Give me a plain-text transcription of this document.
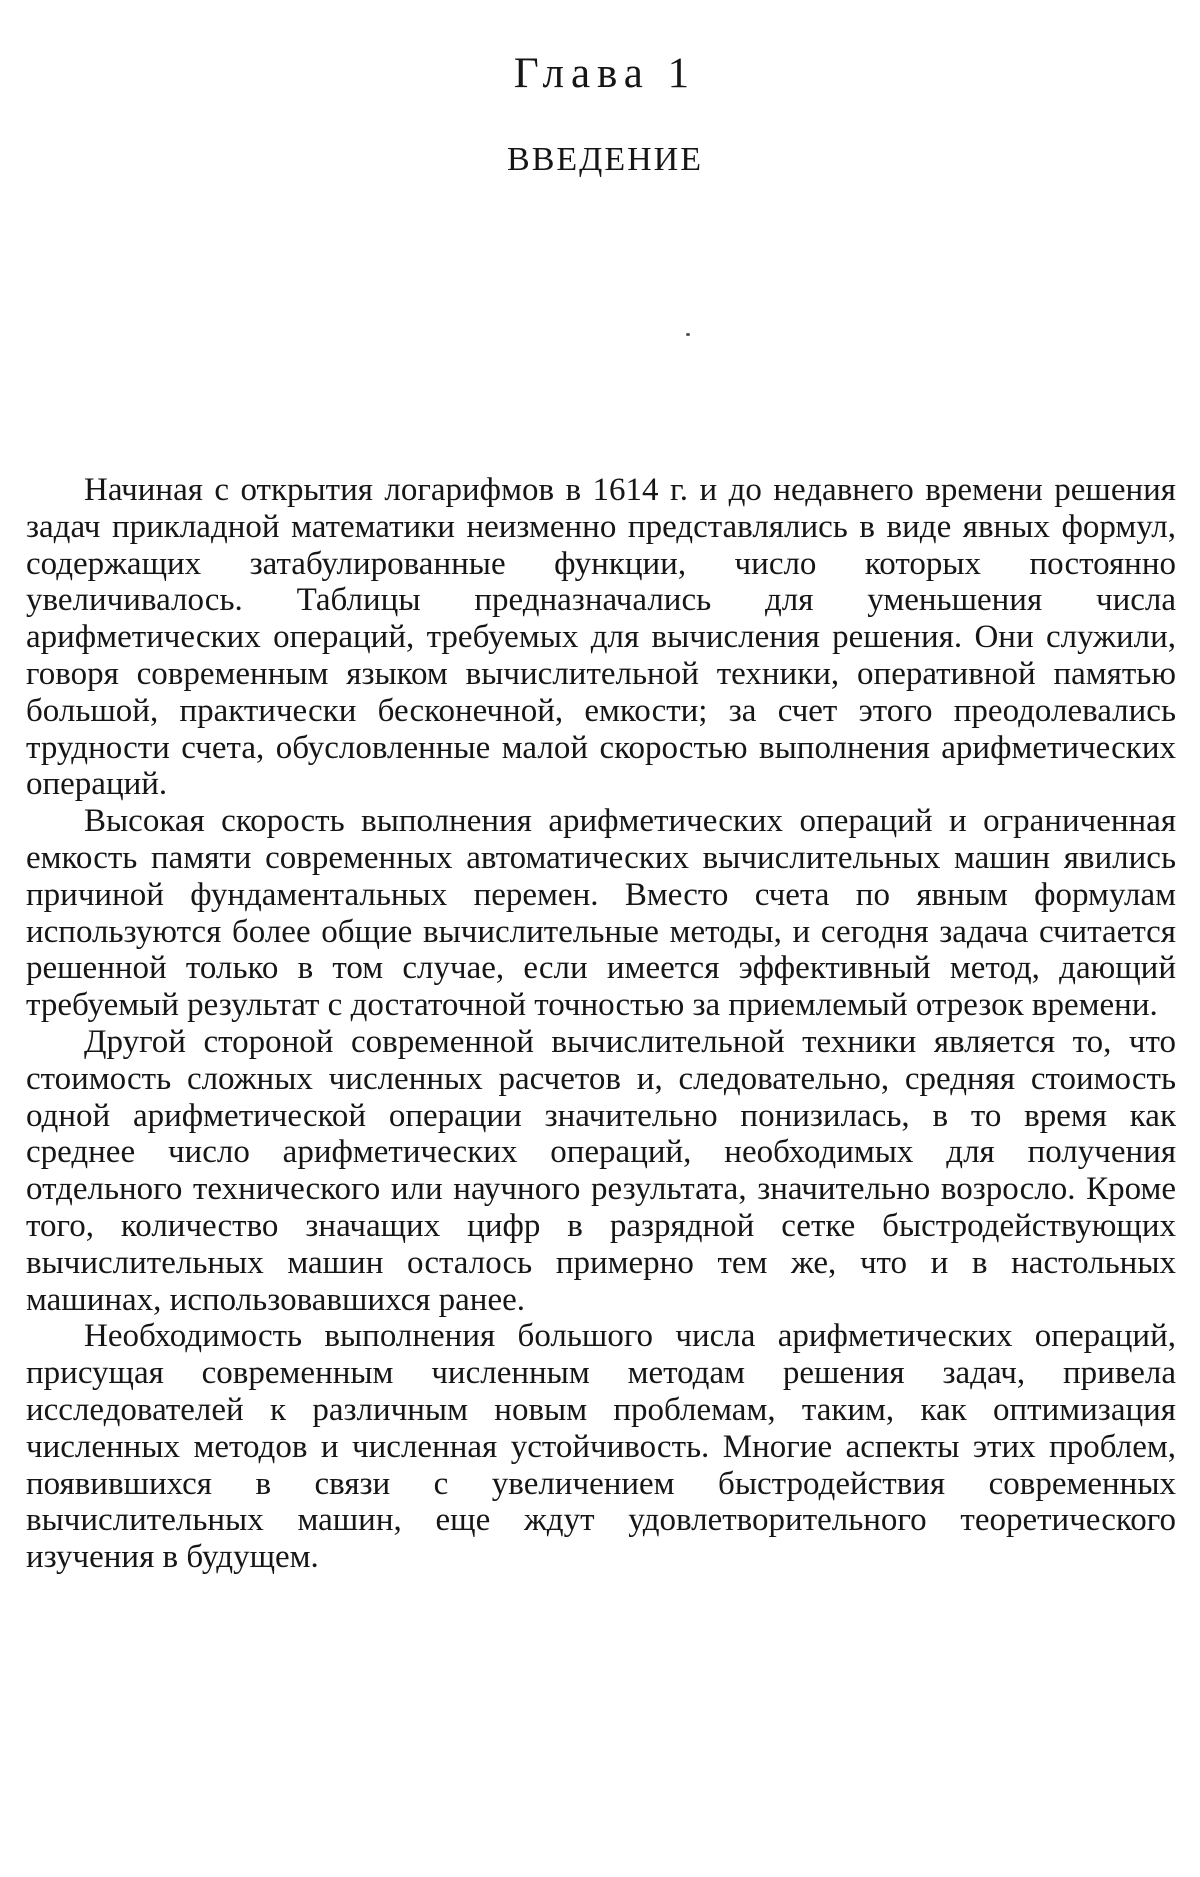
Глава 1
ВВЕДЕНИЕ

Начиная с открытия логарифмов в 1614 г. и до недавнего времени решения задач прикладной математики неизменно представлялись в виде явных формул, содержащих затабулированные функции, число которых постоянно увеличивалось. Таблицы предназначались для уменьшения числа арифметических операций, требуемых для вычисления решения. Они служили, говоря современным языком вычислительной техники, оперативной памятью большой, практически бесконечной, емкости; за счет этого преодолевались трудности счета, обусловленные малой скоростью выполнения арифметических операций.

Высокая скорость выполнения арифметических операций и ограниченная емкость памяти современных автоматических вычислительных машин явились причиной фундаментальных перемен. Вместо счета по явным формулам используются более общие вычислительные методы, и сегодня задача считается решенной только в том случае, если имеется эффективный метод, дающий требуемый результат с достаточной точностью за приемлемый отрезок времени.

Другой стороной современной вычислительной техники является то, что стоимость сложных численных расчетов и, следовательно, средняя стоимость одной арифметической операции значительно понизилась, в то время как среднее число арифметических операций, необходимых для получения отдельного технического или научного результата, значительно возросло. Кроме того, количество значащих цифр в разрядной сетке быстродействующих вычислительных машин осталось примерно тем же, что и в настольных машинах, использовавшихся ранее.

Необходимость выполнения большого числа арифметических операций, присущая современным численным методам решения задач, привела исследователей к различным новым проблемам, таким, как оптимизация численных методов и численная устойчивость. Многие аспекты этих проблем, появившихся в связи с увеличением быстродействия современных вычислительных машин, еще ждут удовлетворительного теоретического изучения в будущем.
